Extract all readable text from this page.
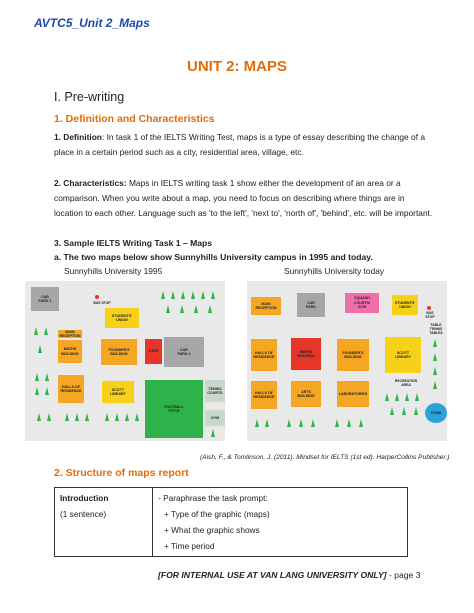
AVTC5_Unit 2_Maps
UNIT 2: MAPS
I. Pre-writing
1. Definition and Characteristics
1. Definition: In task 1 of the IELTS Writing Test, maps is a type of essay describing the change of a place in a certain period such as a city, residential area, village, etc.
2. Characteristics: Maps in IELTS writing task 1 show either the development of an area or a comparison. When you write about a map, you need to focus on describing where things are in location to each other. Language such as 'to the left', 'next to', 'north of', 'behind', etc. will be important.
3. Sample IELTS Writing Task 1 – Maps
a. The two maps below show Sunnyhills University campus in 1995 and today.
Sunnyhills University 1995	Sunnyhills University today
CAR
PARK 1	BUS STOP
STUDENTS'
UNION
MAIN
RECEPTION
MATHS
BUILDING
FOUNDER'S
BUILDING
CAFÉ	CAR
PARK 2
HALLS OF
RESIDENCE	SCOTT
LIBRARY
FOOTBALL
PITCH
TENNIS
COURTS
GYM
MAIN
RECEPTION
CAR
PARK
SQUASH
COURTS/
GYM
STUDENTS'
UNION
BUS
STOP
TABLE
TENNIS
TABLES
HALLS OF
RESIDENCE
MATHS
BUILDING
FOUNDER'S
BUILDING
SCOTT
LIBRARY
HALLS OF
RESIDENCE
ARTS
BUILDING
LABORATORIES
RECREATION
AREA
POND
(Aish, F., & Tomlinson, J. (2011). Mindset for IELTS (1st ed). HarperCollins Publisher.)
2. Structure of maps report
Introduction
(1 sentence)

- Paraphrase the task prompt:
+ Type of the graphic (maps)
+ What the graphic shows
+ Time period
[FOR INTERNAL USE AT VAN LANG UNIVERSITY ONLY] - page 3
